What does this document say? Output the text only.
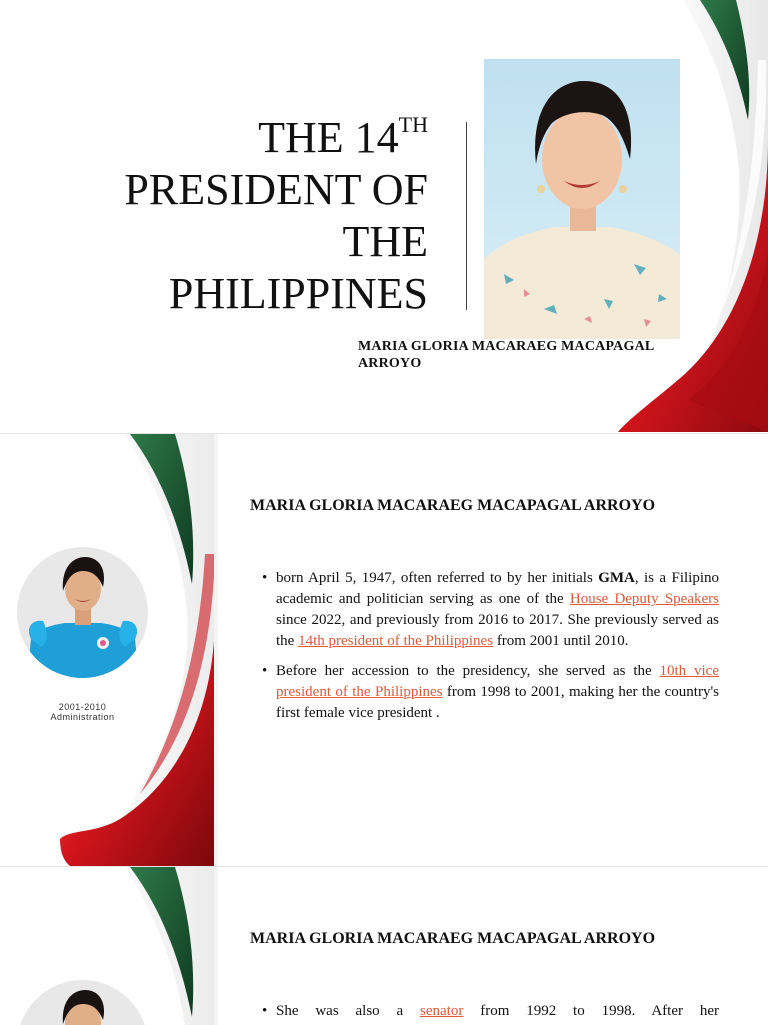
THE 14TH
PRESIDENT OF
THE
PHILIPPINES

MARIA GLORIA MACARAEG MACAPAGAL ARROYO

2001-2010
Administration
MARIA GLORIA MACARAEG MACAPAGAL ARROYO
• born April 5, 1947, often referred to by her initials GMA, is a Filipino academic and politician serving as one of the House Deputy Speakers since 2022, and previously from 2016 to 2017. She previously served as the 14th president of the Philippines from 2001 until 2010.
• Before her accession to the presidency, she served as the 10th vice president of the Philippines from 1998 to 2001, making her the country's first female vice president .
MARIA GLORIA MACARAEG MACAPAGAL ARROYO
• She was also a senator from 1992 to 1998. After her
